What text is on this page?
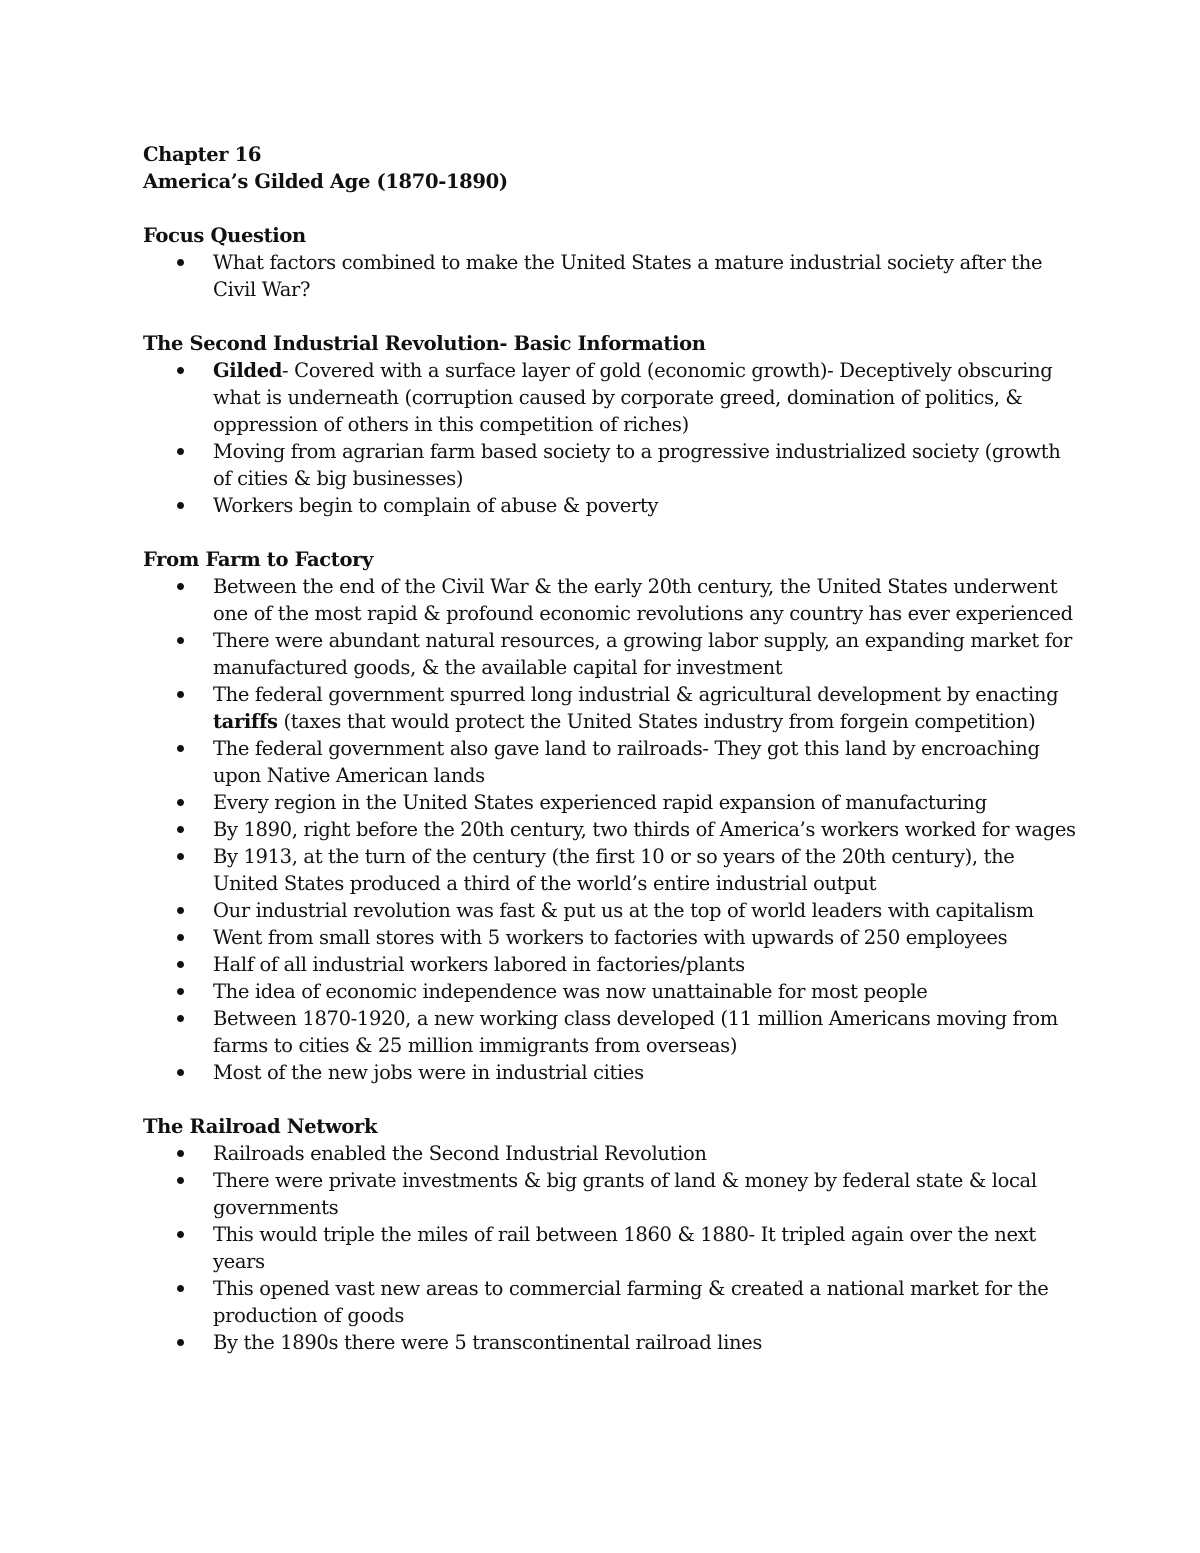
Chapter 16

America’s Gilded Age (1870-1890)

Focus Question

What factors combined to make the United States a mature industrial society after the Civil War?

The Second Industrial Revolution- Basic Information

Gilded- Covered with a surface layer of gold (economic growth)- Deceptively obscuring what is underneath (corruption caused by corporate greed, domination of politics, & oppression of others in this competition of riches)
Moving from agrarian farm based society to a progressive industrialized society (growth of cities & big businesses)
Workers begin to complain of abuse & poverty

From Farm to Factory

Between the end of the Civil War & the early 20th century, the United States underwent one of the most rapid & profound economic revolutions any country has ever experienced
There were abundant natural resources, a growing labor supply, an expanding market for manufactured goods, & the available capital for investment
The federal government spurred long industrial & agricultural development by enacting tariffs (taxes that would protect the United States industry from forgein competition)
The federal government also gave land to railroads- They got this land by encroaching upon Native American lands
Every region in the United States experienced rapid expansion of manufacturing
By 1890, right before the 20th century, two thirds of America’s workers worked for wages
By 1913, at the turn of the century (the first 10 or so years of the 20th century), the United States produced a third of the world’s entire industrial output
Our industrial revolution was fast & put us at the top of world leaders with capitalism
Went from small stores with 5 workers to factories with upwards of 250 employees
Half of all industrial workers labored in factories/plants
The idea of economic independence was now unattainable for most people
Between 1870-1920, a new working class developed (11 million Americans moving from farms to cities & 25 million immigrants from overseas)
Most of the new jobs were in industrial cities

The Railroad Network

Railroads enabled the Second Industrial Revolution
There were private investments & big grants of land & money by federal state & local governments
This would triple the miles of rail between 1860 & 1880- It tripled again over the next years
This opened vast new areas to commercial farming & created a national market for the production of goods
By the 1890s there were 5 transcontinental railroad lines
